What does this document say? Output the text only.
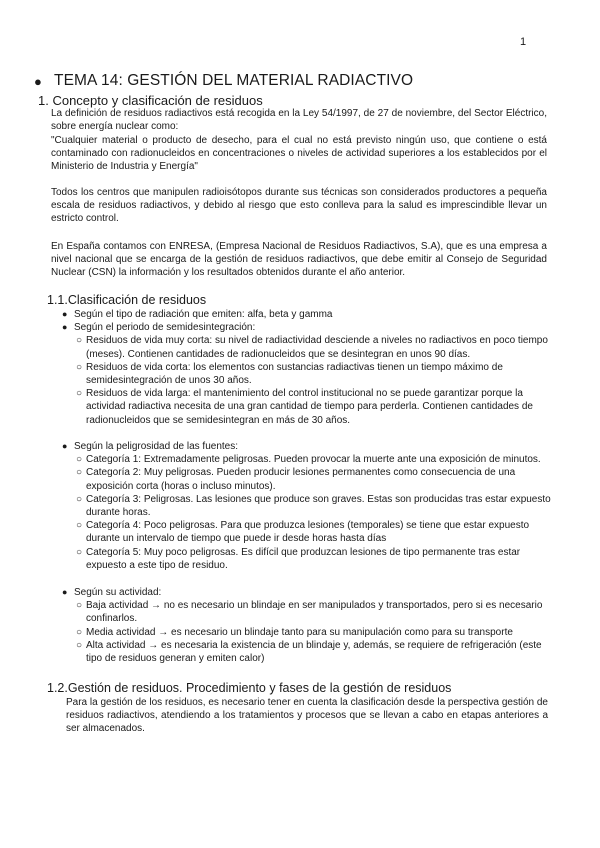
1
● TEMA 14: GESTIÓN DEL MATERIAL RADIACTIVO
1. Concepto y clasificación de residuos

La definición de residuos radiactivos está recogida en la Ley 54/1997, de 27 de noviembre, del Sector Eléctrico, sobre energía nuclear como:

"Cualquier material o producto de desecho, para el cual no está previsto ningún uso, que contiene o está contaminado con radionucleidos en concentraciones o niveles de actividad superiores a los establecidos por el Ministerio de Industria y Energía"

Todos los centros que manipulen radioisótopos durante sus técnicas son considerados productores a pequeña escala de residuos radiactivos, y debido al riesgo que esto conlleva para la salud es imprescindible llevar un estricto control.

En España contamos con ENRESA, (Empresa Nacional de Residuos Radiactivos, S.A), que es una empresa a nivel nacional que se encarga de la gestión de residuos radiactivos, que debe emitir al Consejo de Seguridad Nuclear (CSN) la información y los resultados obtenidos durante el año anterior.

1.1.Clasificación de residuos
● Según el tipo de radiación que emiten: alfa, beta y gamma
● Según el periodo de semidesintegración:
○ Residuos de vida muy corta: su nivel de radiactividad desciende a niveles no radiactivos en poco tiempo (meses). Contienen cantidades de radionucleidos que se desintegran en unos 90 días.
○ Residuos de vida corta: los elementos con sustancias radiactivas tienen un tiempo máximo de semidesintegración de unos 30 años.
○ Residuos de vida larga: el mantenimiento del control institucional no se puede garantizar porque la actividad radiactiva necesita de una gran cantidad de tiempo para perderla. Contienen cantidades de radionucleidos que se semidesintegran en más de 30 años.
● Según la peligrosidad de las fuentes:
○ Categoría 1: Extremadamente peligrosas. Pueden provocar la muerte ante una exposición de minutos.
○ Categoría 2: Muy peligrosas. Pueden producir lesiones permanentes como consecuencia de una exposición corta (horas o incluso minutos).
○ Categoría 3: Peligrosas. Las lesiones que produce son graves. Estas son producidas tras estar expuesto durante horas.
○ Categoría 4: Poco peligrosas. Para que produzca lesiones (temporales) se tiene que estar expuesto durante un intervalo de tiempo que puede ir desde horas hasta días
○ Categoría 5: Muy poco peligrosas. Es difícil que produzcan lesiones de tipo permanente tras estar expuesto a este tipo de residuo.
● Según su actividad:
○ Baja actividad → no es necesario un blindaje en ser manipulados y transportados, pero si es necesario confinarlos.
○ Media actividad → es necesario un blindaje tanto para su manipulación como para su transporte
○ Alta actividad → es necesaria la existencia de un blindaje y, además, se requiere de refrigeración (este tipo de residuos generan y emiten calor)
1.2.Gestión de residuos. Procedimiento y fases de la gestión de residuos

Para la gestión de los residuos, es necesario tener en cuenta la clasificación desde la perspectiva gestión de residuos radiactivos, atendiendo a los tratamientos y procesos que se llevan a cabo en etapas anteriores a ser almacenados.
